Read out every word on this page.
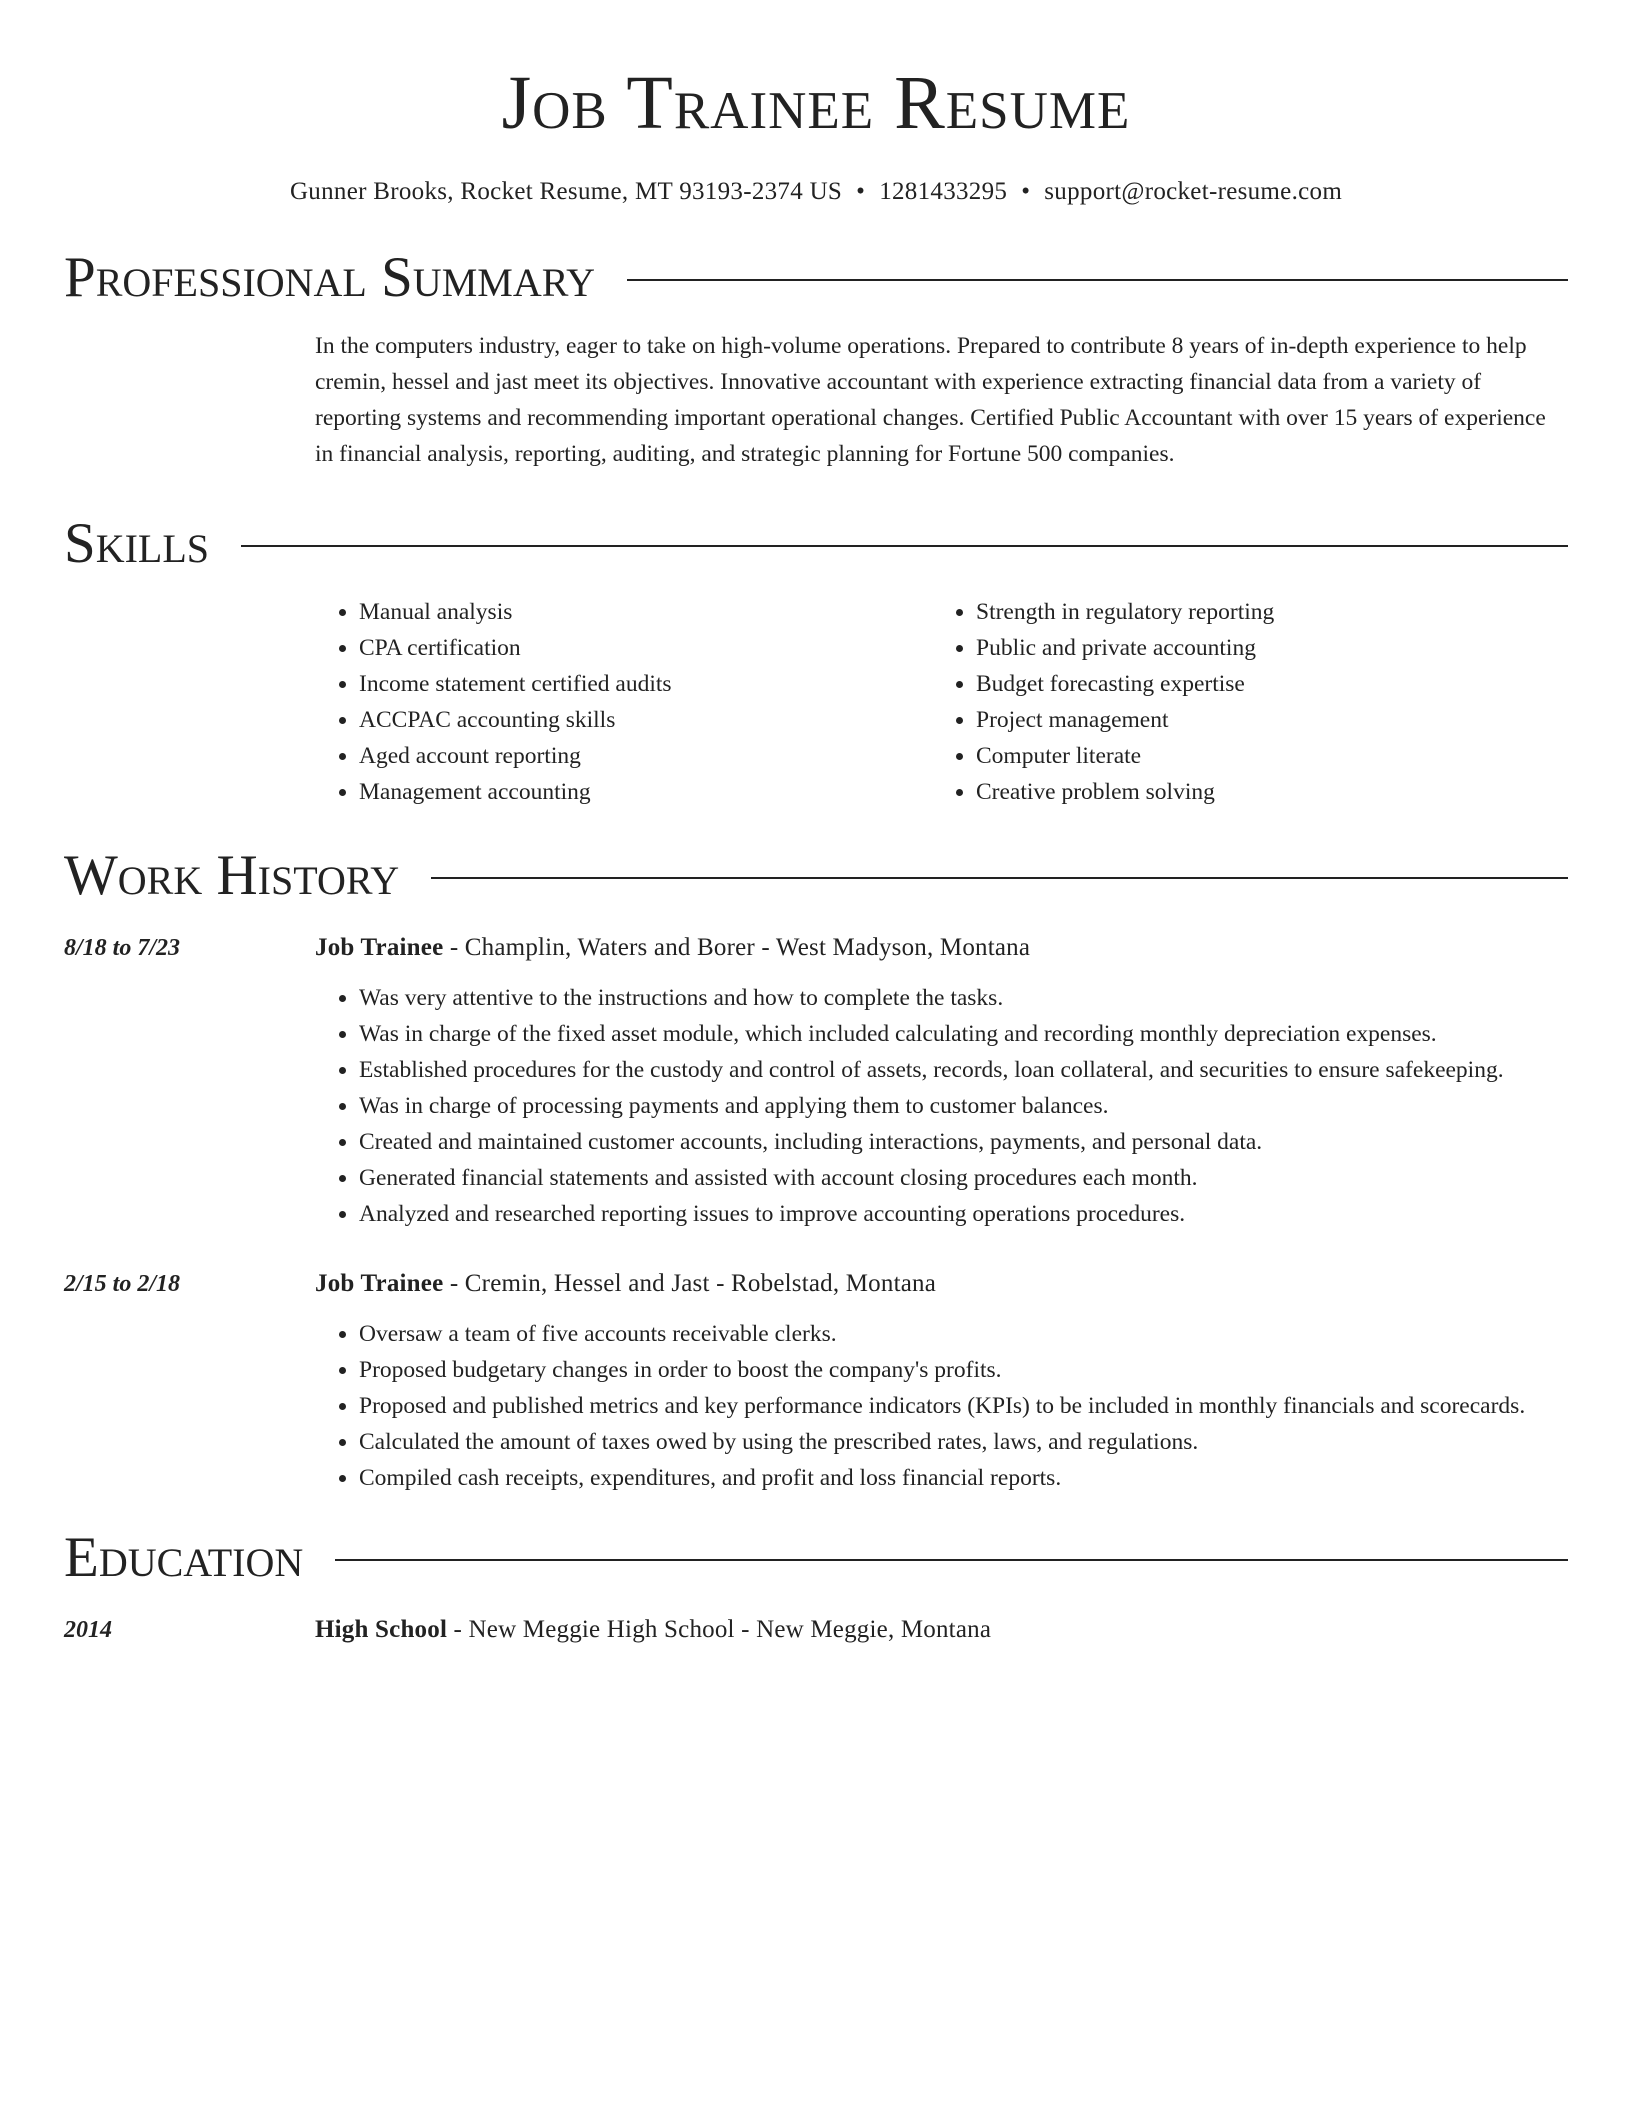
Job Trainee Resume
Gunner Brooks, Rocket Resume, MT 93193-2374 US • 1281433295 • support@rocket-resume.com
Professional Summary
In the computers industry, eager to take on high-volume operations. Prepared to contribute 8 years of in-depth experience to help cremin, hessel and jast meet its objectives. Innovative accountant with experience extracting financial data from a variety of reporting systems and recommending important operational changes. Certified Public Accountant with over 15 years of experience in financial analysis, reporting, auditing, and strategic planning for Fortune 500 companies.
Skills
• Manual analysis
• CPA certification
• Income statement certified audits
• ACCPAC accounting skills
• Aged account reporting
• Management accounting
• Strength in regulatory reporting
• Public and private accounting
• Budget forecasting expertise
• Project management
• Computer literate
• Creative problem solving
Work History
8/18 to 7/23	Job Trainee - Champlin, Waters and Borer - West Madyson, Montana
• Was very attentive to the instructions and how to complete the tasks.
• Was in charge of the fixed asset module, which included calculating and recording monthly depreciation expenses.
• Established procedures for the custody and control of assets, records, loan collateral, and securities to ensure safekeeping.
• Was in charge of processing payments and applying them to customer balances.
• Created and maintained customer accounts, including interactions, payments, and personal data.
• Generated financial statements and assisted with account closing procedures each month.
• Analyzed and researched reporting issues to improve accounting operations procedures.
2/15 to 2/18	Job Trainee - Cremin, Hessel and Jast - Robelstad, Montana
• Oversaw a team of five accounts receivable clerks.
• Proposed budgetary changes in order to boost the company's profits.
• Proposed and published metrics and key performance indicators (KPIs) to be included in monthly financials and scorecards.
• Calculated the amount of taxes owed by using the prescribed rates, laws, and regulations.
• Compiled cash receipts, expenditures, and profit and loss financial reports.
Education
2014	High School - New Meggie High School - New Meggie, Montana
